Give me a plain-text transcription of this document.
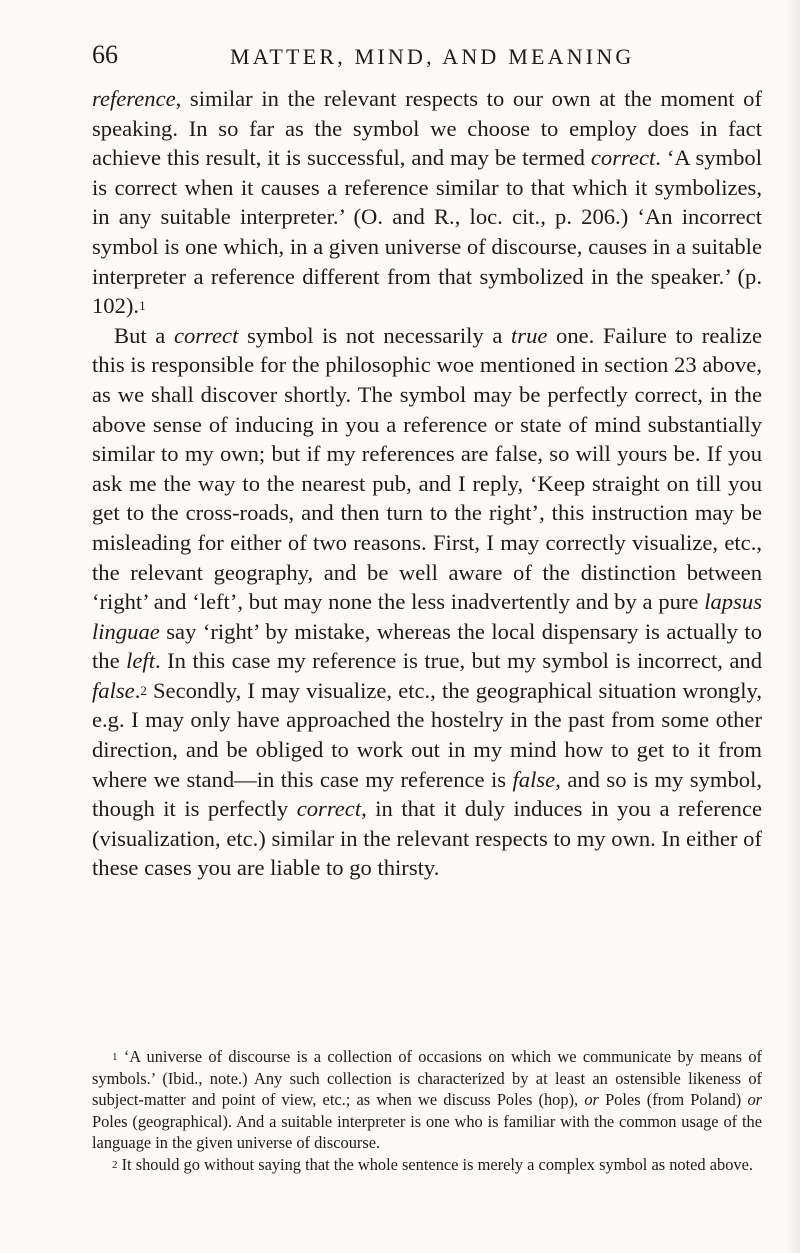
66	MATTER, MIND, AND MEANING

reference, similar in the relevant respects to our own at the moment of speaking. In so far as the symbol we choose to employ does in fact achieve this result, it is successful, and may be termed correct. ‘A symbol is correct when it causes a reference similar to that which it symbolizes, in any suitable interpreter.’ (O. and R., loc. cit., p. 206.) ‘An incorrect symbol is one which, in a given universe of discourse, causes in a suitable interpreter a reference different from that symbolized in the speaker.’ (p. 102).$^1$

But a correct symbol is not necessarily a true one. Failure to realize this is responsible for the philosophic woe mentioned in section 23 above, as we shall discover shortly. The symbol may be perfectly correct, in the above sense of inducing in you a reference or state of mind substantially similar to my own; but if my references are false, so will yours be. If you ask me the way to the nearest pub, and I reply, ‘Keep straight on till you get to the cross-roads, and then turn to the right’, this instruction may be misleading for either of two reasons. First, I may correctly visualize, etc., the relevant geography, and be well aware of the distinction between ‘right’ and ‘left’, but may none the less inadvertently and by a pure lapsus linguae say ‘right’ by mistake, whereas the local dispensary is actually to the left. In this case my reference is true, but my symbol is incorrect, and false.$^2$ Secondly, I may visualize, etc., the geographical situation wrongly, e.g. I may only have approached the hostelry in the past from some other direction, and be obliged to work out in my mind how to get to it from where we stand—in this case my reference is false, and so is my symbol, though it is perfectly correct, in that it duly induces in you a reference (visualization, etc.) similar in the relevant respects to my own. In either of these cases you are liable to go thirsty.

$^1$ ‘A universe of discourse is a collection of occasions on which we communicate by means of symbols.’ (Ibid., note.) Any such collection is characterized by at least an ostensible likeness of subject-matter and point of view, etc.; as when we discuss Poles (hop), or Poles (from Poland) or Poles (geographical). And a suitable interpreter is one who is familiar with the common usage of the language in the given universe of discourse.

$^2$ It should go without saying that the whole sentence is merely a complex symbol as noted above.
